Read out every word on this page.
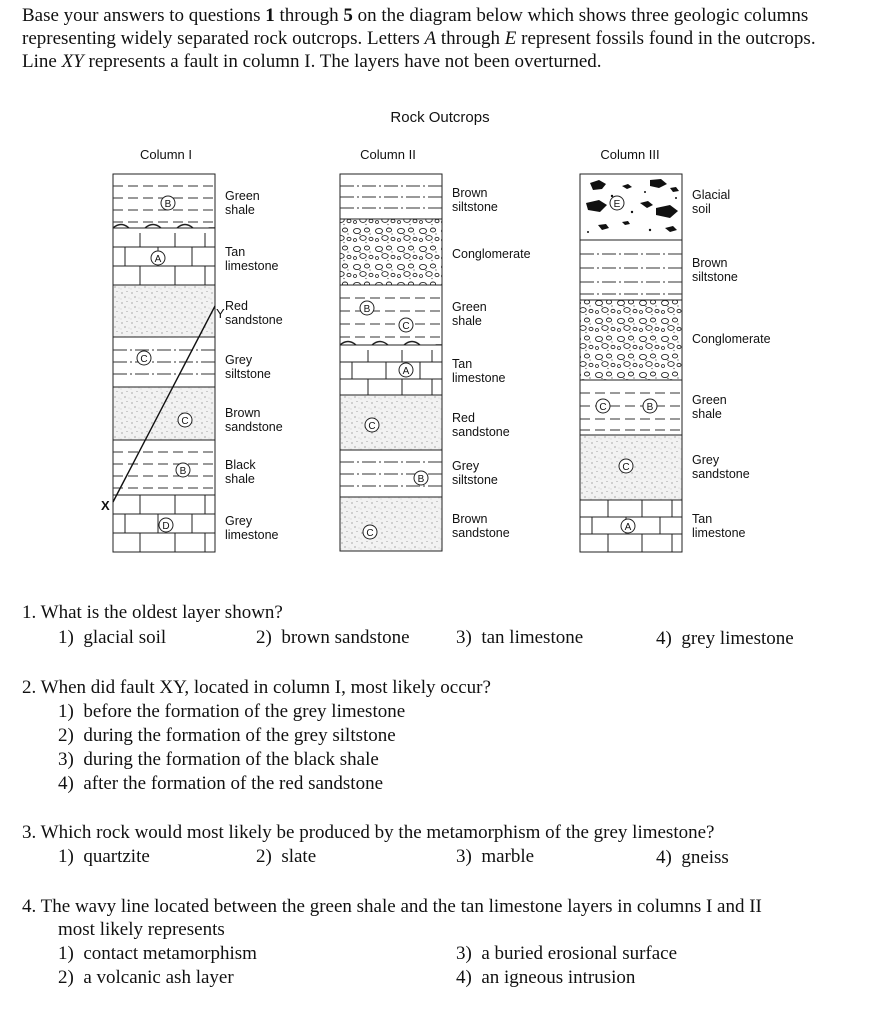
Base your answers to questions 1 through 5 on the diagram below which shows three geologic columns representing widely separated rock outcrops. Letters A through E represent fossils found in the outcrops. Line XY represents a fault in column I. The layers have not been overturned.
Rock Outcrops
Column I	Column II	Column III
X
Y
B
A
C
C
B
D
Green
shale
Tan
limestone
Red
sandstone
Grey
siltstone
Brown
sandstone
Black
shale
Grey
limestone
B
C
A
C
B
C
Brown
siltstone
Conglomerate
Green
shale
Tan
limestone
Red
sandstone
Grey
siltstone
Brown
sandstone
E
C	B
C
A
Glacial
soil
Brown
siltstone
Conglomerate
Green
shale
Grey
sandstone
Tan
limestone
1. What is the oldest layer shown?
1) glacial soil	2) brown sandstone 3) tan limestone	4) grey limestone
2. When did fault XY, located in column I, most likely occur?
1) before the formation of the grey limestone
2) during the formation of the grey siltstone
3) during the formation of the black shale
4) after the formation of the red sandstone
3. Which rock would most likely be produced by the metamorphism of the grey limestone?
1) quartzite	2) slate	3) marble	4) gneiss
4. The wavy line located between the green shale and the tan limestone layers in columns I and II
most likely represents
1) contact metamorphism
2) a volcanic ash layer
3) a buried erosional surface
4) an igneous intrusion
